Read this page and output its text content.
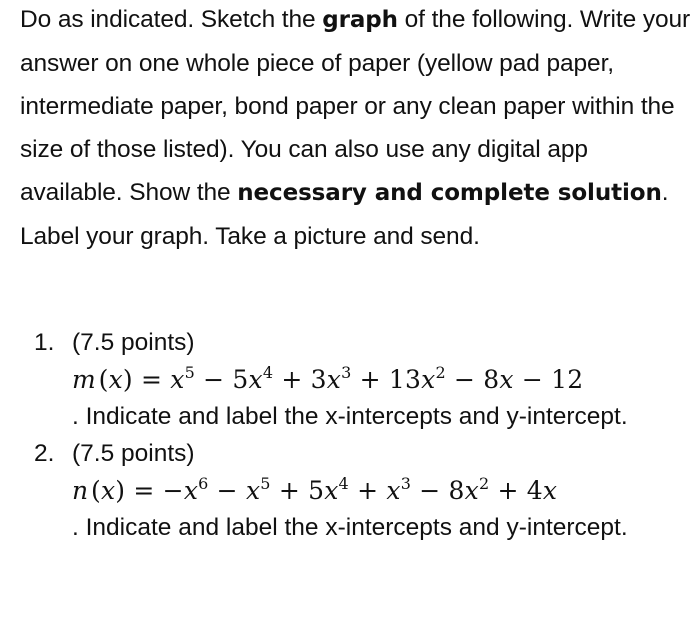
Do as indicated. Sketch the graph of the following. Write your answer on one whole piece of paper (yellow pad paper, intermediate paper, bond paper or any clean paper within the size of those listed). You can also use any digital app available. Show the necessary and complete solution. Label your graph. Take a picture and send.
1. (7.5 points)
m $(x) = x^5 - 5x^4 + 3x^3 + 13x^2 - 8x - 12$
. Indicate and label the x-intercepts and y-intercept.
2. (7.5 points)
n $(x) = -x^6 - x^5 + 5x^4 + x^3 - 8x^2 + 4x$
. Indicate and label the x-intercepts and y-intercept.
